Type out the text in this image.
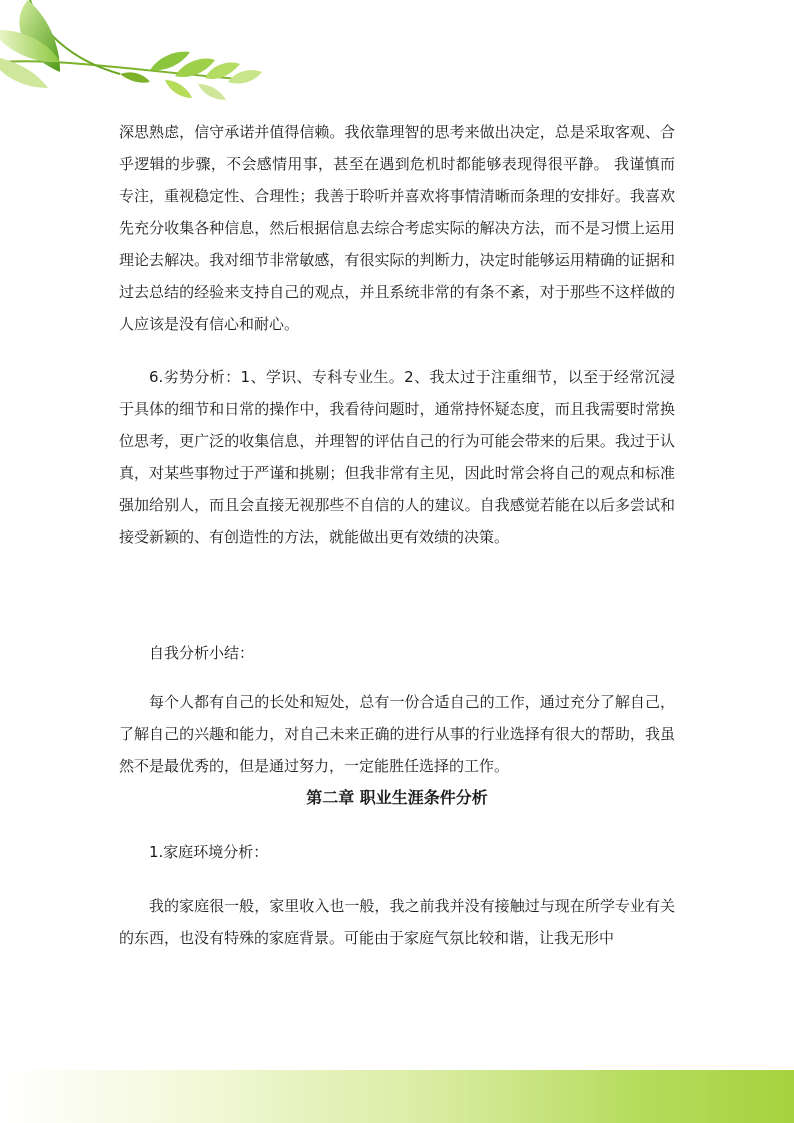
深思熟虑，信守承诺并值得信赖。我依靠理智的思考来做出决定，总是采取客观、合乎逻辑的步骤，不会感情用事，甚至在遇到危机时都能够表现得很平静。 我谨慎而专注，重视稳定性、合理性；我善于聆听并喜欢将事情清晰而条理的安排好。我喜欢先充分收集各种信息，然后根据信息去综合考虑实际的解决方法，而不是习惯上运用理论去解决。我对细节非常敏感，有很实际的判断力，决定时能够运用精确的证据和过去总结的经验来支持自己的观点，并且系统非常的有条不紊，对于那些不这样做的人应该是没有信心和耐心。

6.劣势分析：1、学识、专科专业生。2、我太过于注重细节，以至于经常沉浸于具体的细节和日常的操作中，我看待问题时，通常持怀疑态度，而且我需要时常换位思考，更广泛的收集信息，并理智的评估自己的行为可能会带来的后果。我过于认真，对某些事物过于严谨和挑剔；但我非常有主见，因此时常会将自己的观点和标准强加给别人，而且会直接无视那些不自信的人的建议。自我感觉若能在以后多尝试和接受新颖的、有创造性的方法，就能做出更有效绩的决策。

自我分析小结：

每个人都有自己的长处和短处，总有一份合适自己的工作，通过充分了解自己，了解自己的兴趣和能力，对自己未来正确的进行从事的行业选择有很大的帮助，我虽然不是最优秀的，但是通过努力，一定能胜任选择的工作。

第二章 职业生涯条件分析

1.家庭环境分析：

我的家庭很一般，家里收入也一般，我之前我并没有接触过与现在所学专业有关的东西，也没有特殊的家庭背景。可能由于家庭气氛比较和谐，让我无形中
